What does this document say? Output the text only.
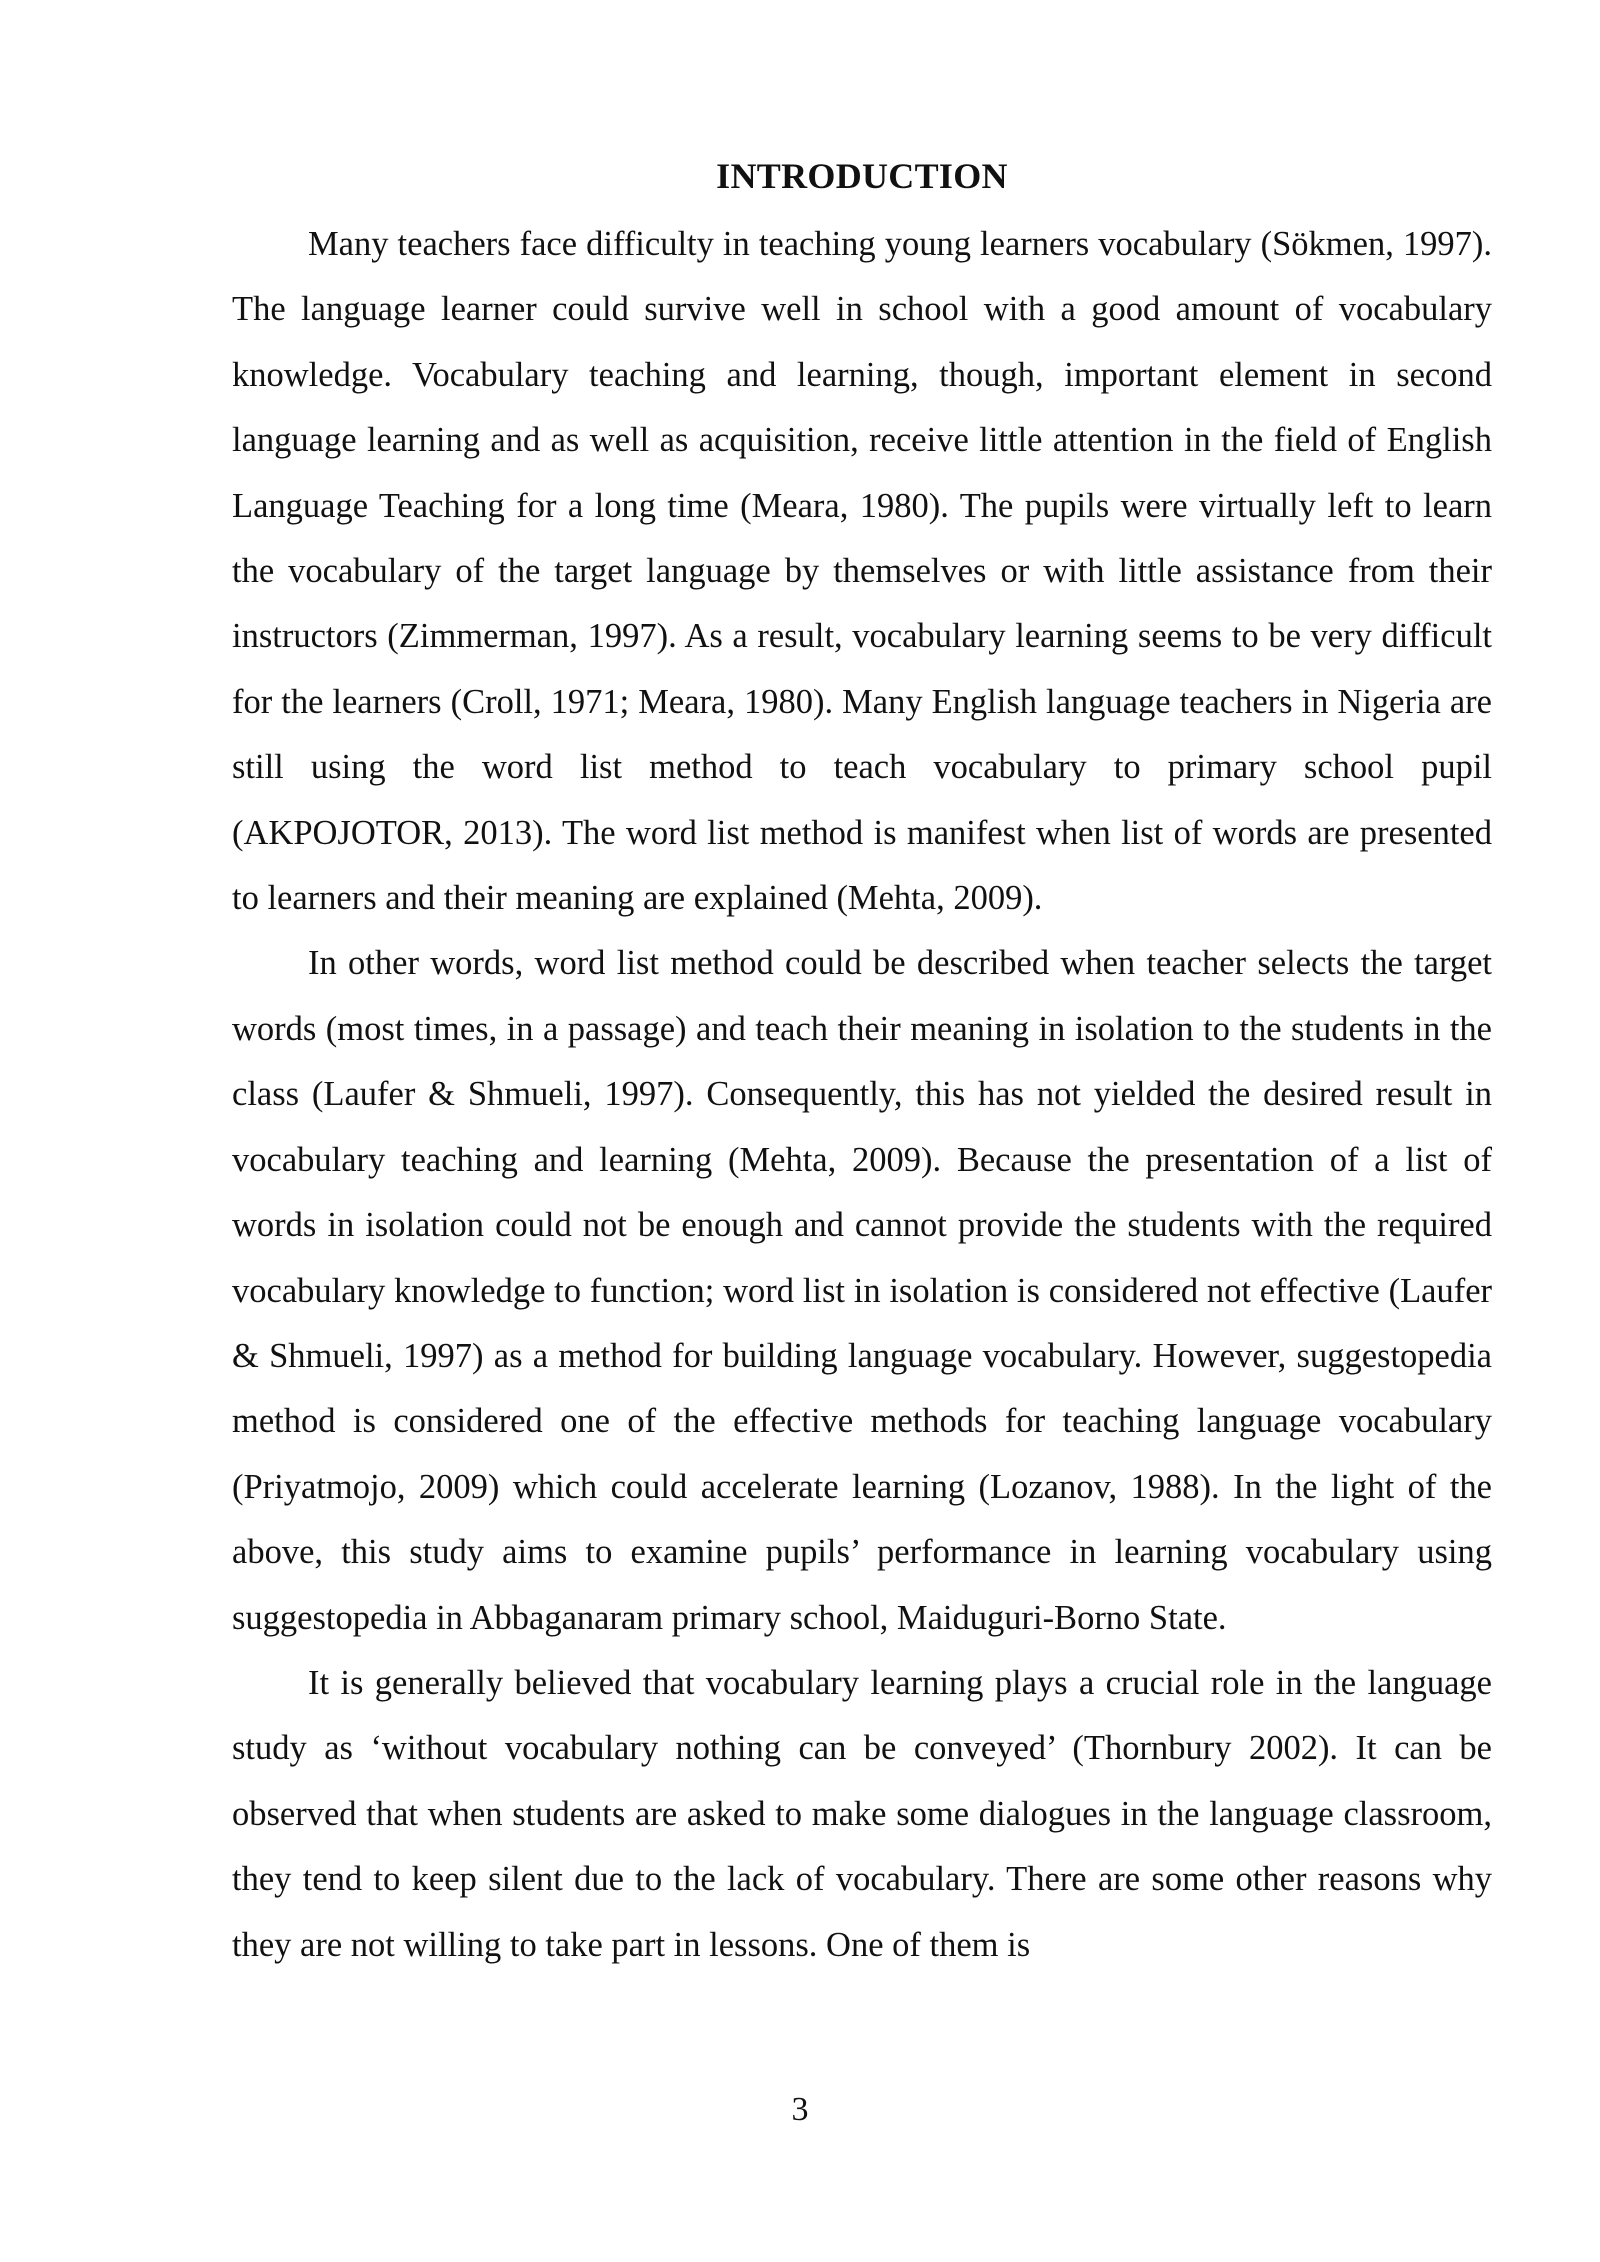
INTRODUCTION

Many teachers face difficulty in teaching young learners vocabulary (Sökmen, 1997). The language learner could survive well in school with a good amount of vocabulary knowledge. Vocabulary teaching and learning, though, important element in second language learning and as well as acquisition, receive little attention in the field of English Language Teaching for a long time (Meara, 1980). The pupils were virtually left to learn the vocabulary of the target language by themselves or with little assistance from their instructors (Zimmerman, 1997). As a result, vocabulary learning seems to be very difficult for the learners (Croll, 1971; Meara, 1980). Many English language teachers in Nigeria are still using the word list method to teach vocabulary to primary school pupil (AKPOJOTOR, 2013). The word list method is manifest when list of words are presented to learners and their meaning are explained (Mehta, 2009).

In other words, word list method could be described when teacher selects the target words (most times, in a passage) and teach their meaning in isolation to the students in the class (Laufer & Shmueli, 1997). Consequently, this has not yielded the desired result in vocabulary teaching and learning (Mehta, 2009). Because the presentation of a list of words in isolation could not be enough and cannot provide the students with the required vocabulary knowledge to function; word list in isolation is considered not effective (Laufer & Shmueli, 1997) as a method for building language vocabulary. However, suggestopedia method is considered one of the effective methods for teaching language vocabulary (Priyatmojo, 2009) which could accelerate learning (Lozanov, 1988). In the light of the above, this study aims to examine pupils’ performance in learning vocabulary using suggestopedia in Abbaganaram primary school, Maiduguri-Borno State.

It is generally believed that vocabulary learning plays a crucial role in the language study as ‘without vocabulary nothing can be conveyed’ (Thornbury 2002). It can be observed that when students are asked to make some dialogues in the language classroom, they tend to keep silent due to the lack of vocabulary. There are some other reasons why they are not willing to take part in lessons. One of them is

3
